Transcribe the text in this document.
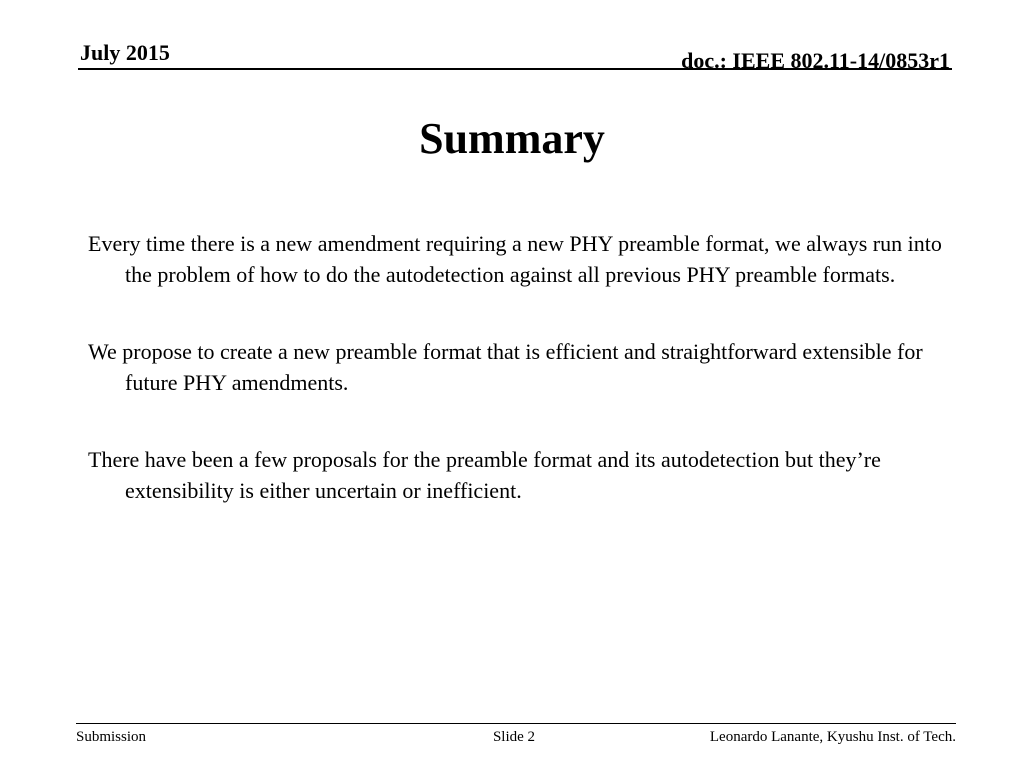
July 2015	doc.: IEEE 802.11-14/0853r1
Summary

Every time there is a new amendment requiring a new PHY preamble format, we always run into the problem of how to do the autodetection against all previous PHY preamble formats.

We propose to create a new preamble format that is efficient and straightforward extensible for future PHY amendments.

There have been a few proposals for the preamble format and its autodetection but they’re extensibility is either uncertain or inefficient.

Submission	Slide 2	Leonardo Lanante, Kyushu Inst. of Tech.
